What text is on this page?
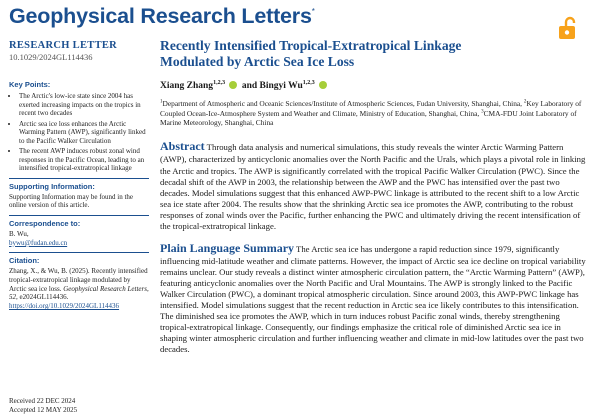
Geophysical Research Letters*
RESEARCH LETTER
10.1029/2024GL114436
Key Points:
• The Arctic's low-ice state since 2004 has exerted increasing impacts on the tropics in recent two decades
• Arctic sea ice loss enhances the Arctic Warming Pattern (AWP), significantly linked to the Pacific Walker Circulation
• The recent AWP induces robust zonal wind responses in the Pacific Ocean, leading to an intensified tropical-extratropical linkage
Supporting Information:
Supporting Information may be found in the online version of this article.
Correspondence to:
B. Wu,
bywu@fudan.edu.cn
Citation:
Zhang, X., & Wu, B. (2025). Recently intensified tropical-extratropical linkage modulated by Arctic sea ice loss. Geophysical Research Letters, 52, e2024GL114436. https://doi.org/10.1029/2024GL114436
Received 22 DEC 2024
Accepted 12 MAY 2025
Recently Intensified Tropical-Extratropical Linkage
Modulated by Arctic Sea Ice Loss
Xiang Zhang$^{1,2,3}$ and Bingyi Wu$^{1,2,3}$
$^1$Department of Atmospheric and Oceanic Sciences/Institute of Atmospheric Sciences, Fudan University, Shanghai, China, $^2$Key Laboratory of Coupled Ocean-Ice-Atmosphere System and Weather and Climate, Ministry of Education, Shanghai, China, $^3$CMA-FDU Joint Laboratory of Marine Meteorology, Shanghai, China
Abstract Through data analysis and numerical simulations, this study reveals the winter Arctic Warming Pattern (AWP), characterized by anticyclonic anomalies over the North Pacific and the Urals, which plays a pivotal role in linking the Arctic and tropics. The AWP is significantly correlated with the tropical Pacific Walker Circulation (PWC). Since the decadal shift of the AWP in 2003, the relationship between the AWP and the PWC has intensified over the past two decades. Model simulations suggest that this enhanced AWP-PWC linkage is attributed to the recent shift to a low Arctic sea ice state after 2004. The results show that the shrinking Arctic sea ice promotes the AWP, contributing to the robust responses of zonal winds over the Pacific, further enhancing the PWC and ultimately driving the recent intensification of the tropical-extratropical linkage.
Plain Language Summary The Arctic sea ice has undergone a rapid reduction since 1979, significantly influencing mid-latitude weather and climate patterns. However, the impact of Arctic sea ice decline on tropical variability remains unclear. Our study reveals a distinct winter atmospheric circulation pattern, the “Arctic Warming Pattern” (AWP), featuring anticyclonic anomalies over the North Pacific and Ural Mountains. The AWP is strongly linked to the Pacific Walker Circulation (PWC), a dominant tropical atmospheric circulation. Since around 2003, this AWP-PWC linkage has intensified. Model simulations suggest that the recent reduction in Arctic sea ice likely contributes to this intensification. The diminished sea ice promotes the AWP, which in turn induces robust Pacific zonal winds, thereby strengthening tropical-extratropical linkage. Consequently, our findings emphasize the critical role of diminished Arctic sea ice in shaping winter atmospheric circulation and further influencing weather and climate in mid-low latitudes over the past two decades.
